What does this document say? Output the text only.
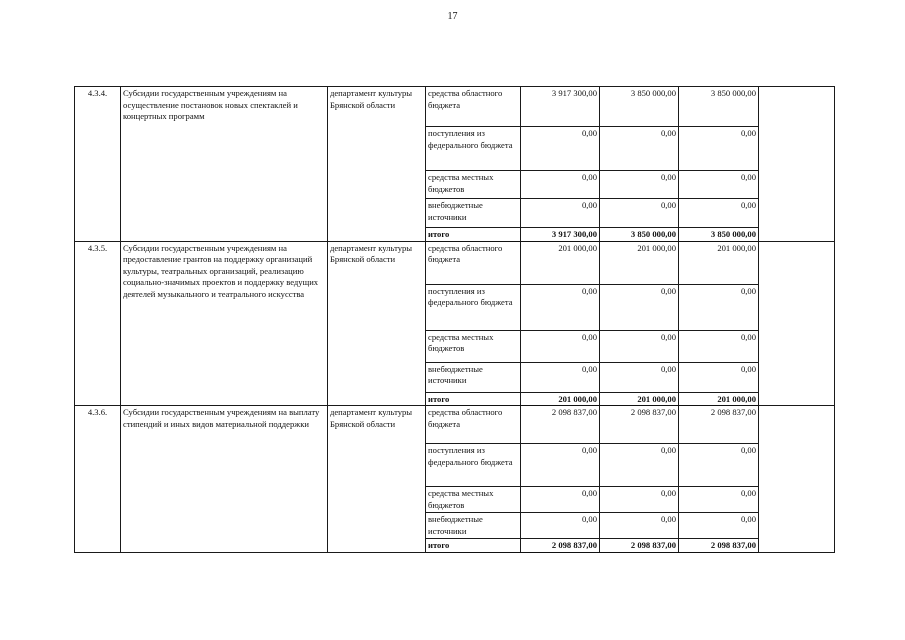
17
4.3.4.	Субсидии государственным учреждениям на осуществление постановок новых спектаклей и концертных программ	департамент культуры Брянской области	средства областного бюджета	3 917 300,00	3 850 000,00	3 850 000,00	
			поступления из федерального бюджета	0,00	0,00	0,00	
			средства местных бюджетов	0,00	0,00	0,00	
			внебюджетные источники	0,00	0,00	0,00	
			итого	3 917 300,00	3 850 000,00	3 850 000,00	
4.3.5.	Субсидии государственным учреждениям на предоставление грантов на поддержку организаций культуры, театральных организаций, реализацию социально-значимых проектов и поддержку ведущих деятелей музыкального и театрального искусства	департамент культуры Брянской области	средства областного бюджета	201 000,00	201 000,00	201 000,00	
			поступления из федерального бюджета	0,00	0,00	0,00	
			средства местных бюджетов	0,00	0,00	0,00	
			внебюджетные источники	0,00	0,00	0,00	
			итого	201 000,00	201 000,00	201 000,00	
4.3.6.	Субсидии государственным учреждениям на выплату стипендий и иных видов материальной поддержки	департамент культуры Брянской области	средства областного бюджета	2 098 837,00	2 098 837,00	2 098 837,00	
			поступления из федерального бюджета	0,00	0,00	0,00	
			средства местных бюджетов	0,00	0,00	0,00	
			внебюджетные источники	0,00	0,00	0,00	
			итого	2 098 837,00	2 098 837,00	2 098 837,00	
